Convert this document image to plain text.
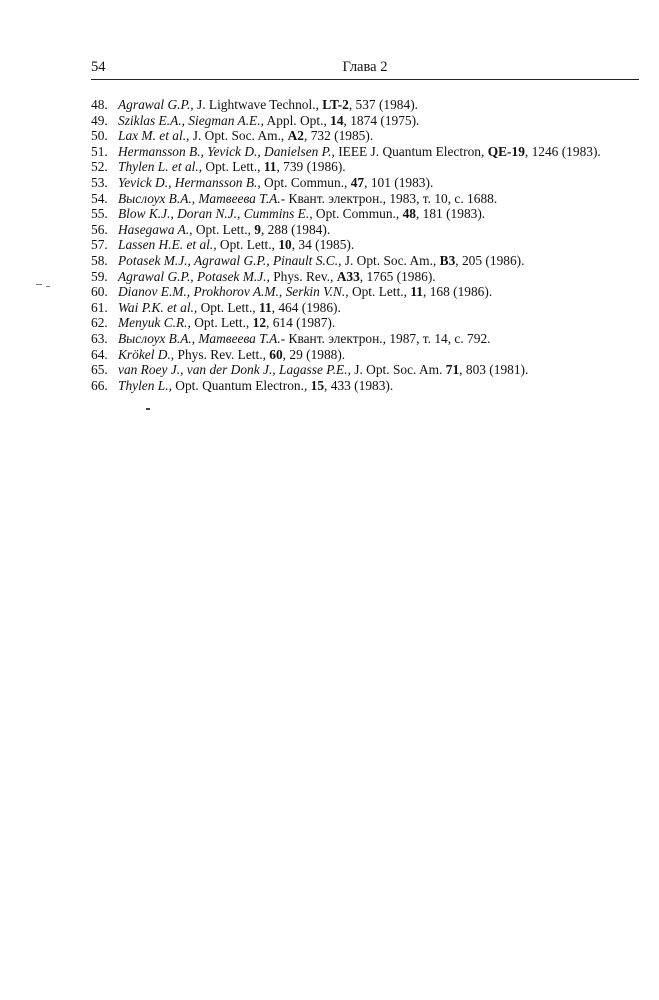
54	Глава 2
48. Agrawal G.P., J. Lightwave Technol., LT-2, 537 (1984).
49. Sziklas E.A., Siegman A.E., Appl. Opt., 14, 1874 (1975).
50. Lax M. et al., J. Opt. Soc. Am., A2, 732 (1985).
51. Hermansson B., Yevick D., Danielsen P., IEEE J. Quantum Electron, QE-19, 1246 (1983).
52. Thylen L. et al., Opt. Lett., 11, 739 (1986).
53. Yevick D., Hermansson B., Opt. Commun., 47, 101 (1983).
54. Выслоух В.А., Матвеева Т.А.- Квант. электрон., 1983, т. 10, с. 1688.
55. Blow K.J., Doran N.J., Cummins E., Opt. Commun., 48, 181 (1983).
56. Hasegawa A., Opt. Lett., 9, 288 (1984).
57. Lassen H.E. et al., Opt. Lett., 10, 34 (1985).
58. Potasek M.J., Agrawal G.P., Pinault S.C., J. Opt. Soc. Am., B3, 205 (1986).
59. Agrawal G.P., Potasek M.J., Phys. Rev., A33, 1765 (1986).
60. Dianov E.M., Prokhorov A.M., Serkin V.N., Opt. Lett., 11, 168 (1986).
61. Wai P.K. et al., Opt. Lett., 11, 464 (1986).
62. Menyuk C.R., Opt. Lett., 12, 614 (1987).
63. Выслоух В.А., Матвеева Т.А.- Квант. электрон., 1987, т. 14, с. 792.
64. Krökel D., Phys. Rev. Lett., 60, 29 (1988).
65. van Roey J., van der Donk J., Lagasse P.E., J. Opt. Soc. Am. 71, 803 (1981).
66. Thylen L., Opt. Quantum Electron., 15, 433 (1983).
